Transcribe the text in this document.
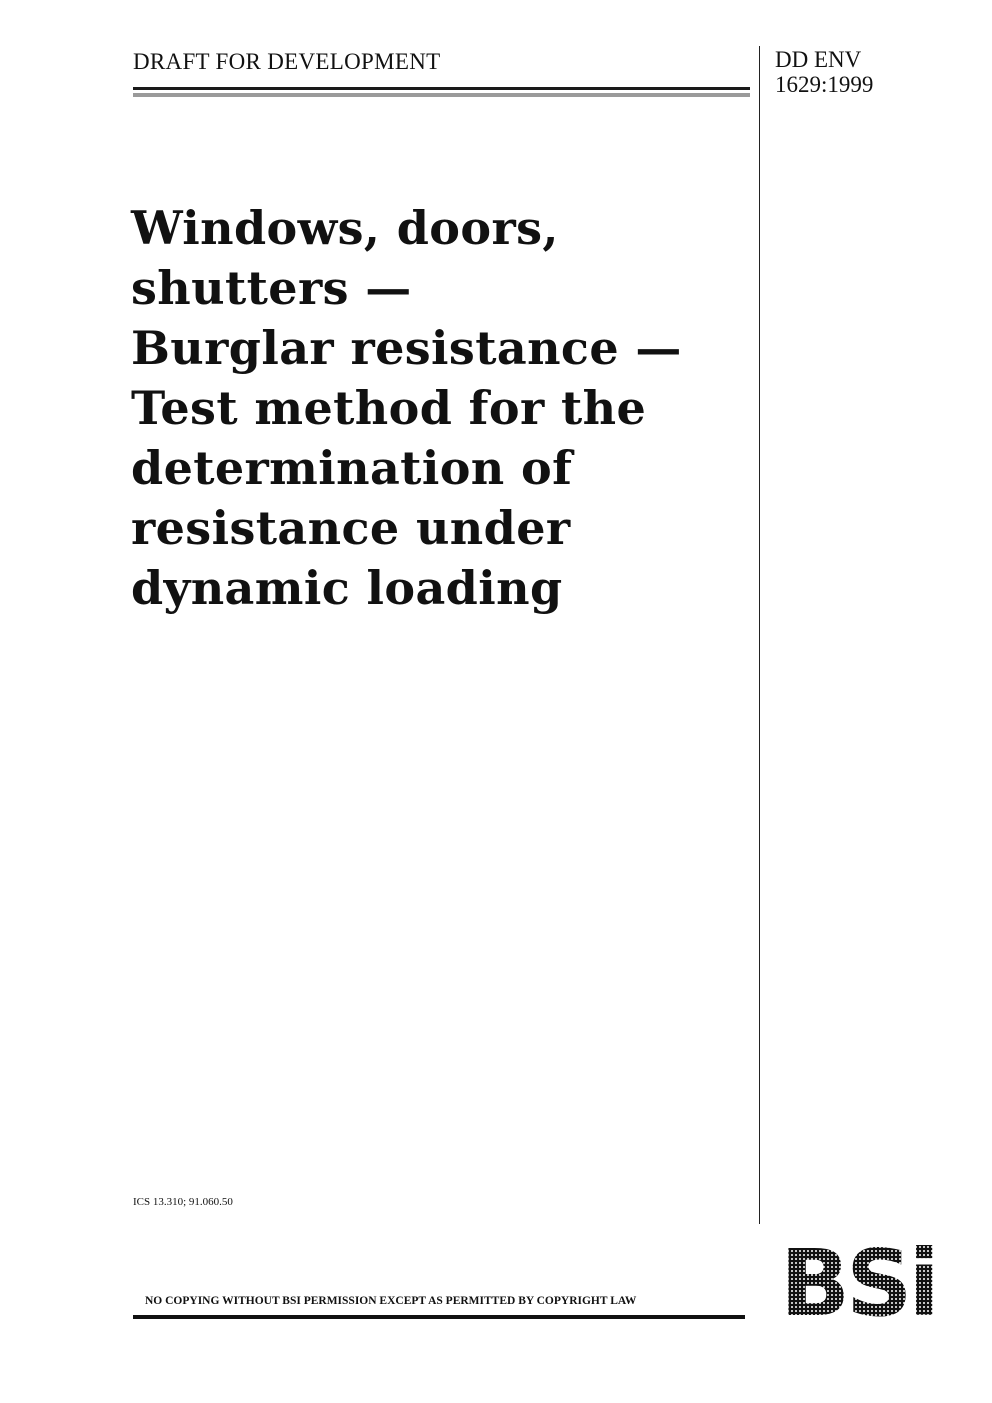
DRAFT FOR DEVELOPMENT	DD ENV
1629:1999
Windows, doors,
shutters —
Burglar resistance —
Test method for the
determination of
resistance under
dynamic loading
ICS 13.310; 91.060.50
NO COPYING WITHOUT BSI PERMISSION EXCEPT AS PERMITTED BY COPYRIGHT LAW
